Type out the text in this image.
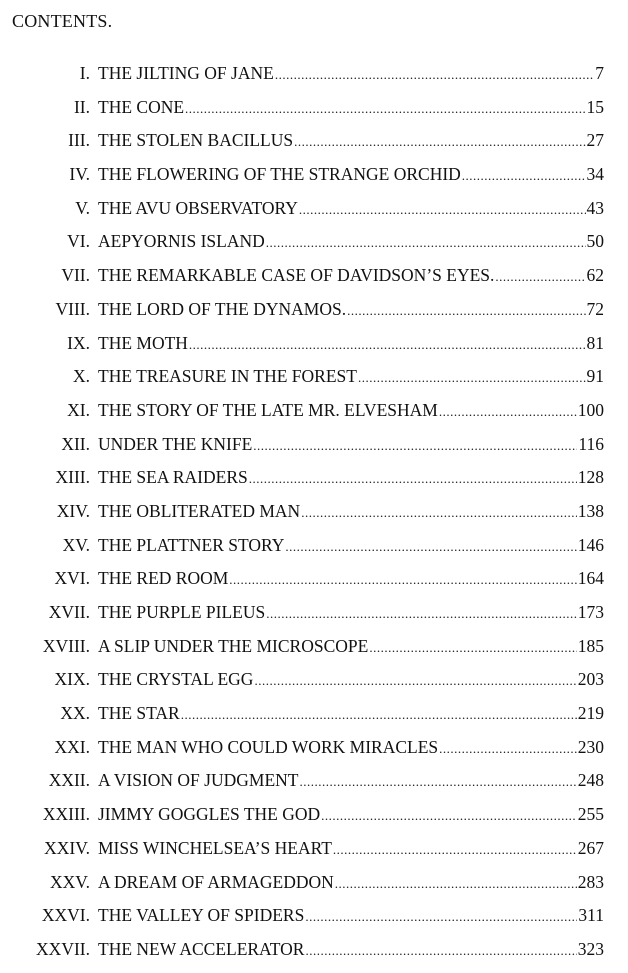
CONTENTS.
I. THE JILTING OF JANE .....	7
II. THE CONE .....	15
III. THE STOLEN BACILLUS .....	27
IV. THE FLOWERING OF THE STRANGE ORCHID .....	34
V. THE AVU OBSERVATORY .....	43
VI. AEPYORNIS ISLAND .....	50
VII. THE REMARKABLE CASE OF DAVIDSON’S EYES. .....	62
VIII. THE LORD OF THE DYNAMOS. .....	72
IX. THE MOTH .....	81
X. THE TREASURE IN THE FOREST .....	91
XI. THE STORY OF THE LATE MR. ELVESHAM .....	100
XII. UNDER THE KNIFE .....	116
XIII. THE SEA RAIDERS .....	128
XIV. THE OBLITERATED MAN .....	138
XV. THE PLATTNER STORY .....	146
XVI. THE RED ROOM .....	164
XVII. THE PURPLE PILEUS .....	173
XVIII. A SLIP UNDER THE MICROSCOPE .....	185
XIX. THE CRYSTAL EGG .....	203
XX. THE STAR .....	219
XXI. THE MAN WHO COULD WORK MIRACLES .....	230
XXII. A VISION OF JUDGMENT .....	248
XXIII. JIMMY GOGGLES THE GOD .....	255
XXIV. MISS WINCHELSEA’S HEART .....	267
XXV. A DREAM OF ARMAGEDDON .....	283
XXVI. THE VALLEY OF SPIDERS .....	311
XXVII. THE NEW ACCELERATOR .....	323
